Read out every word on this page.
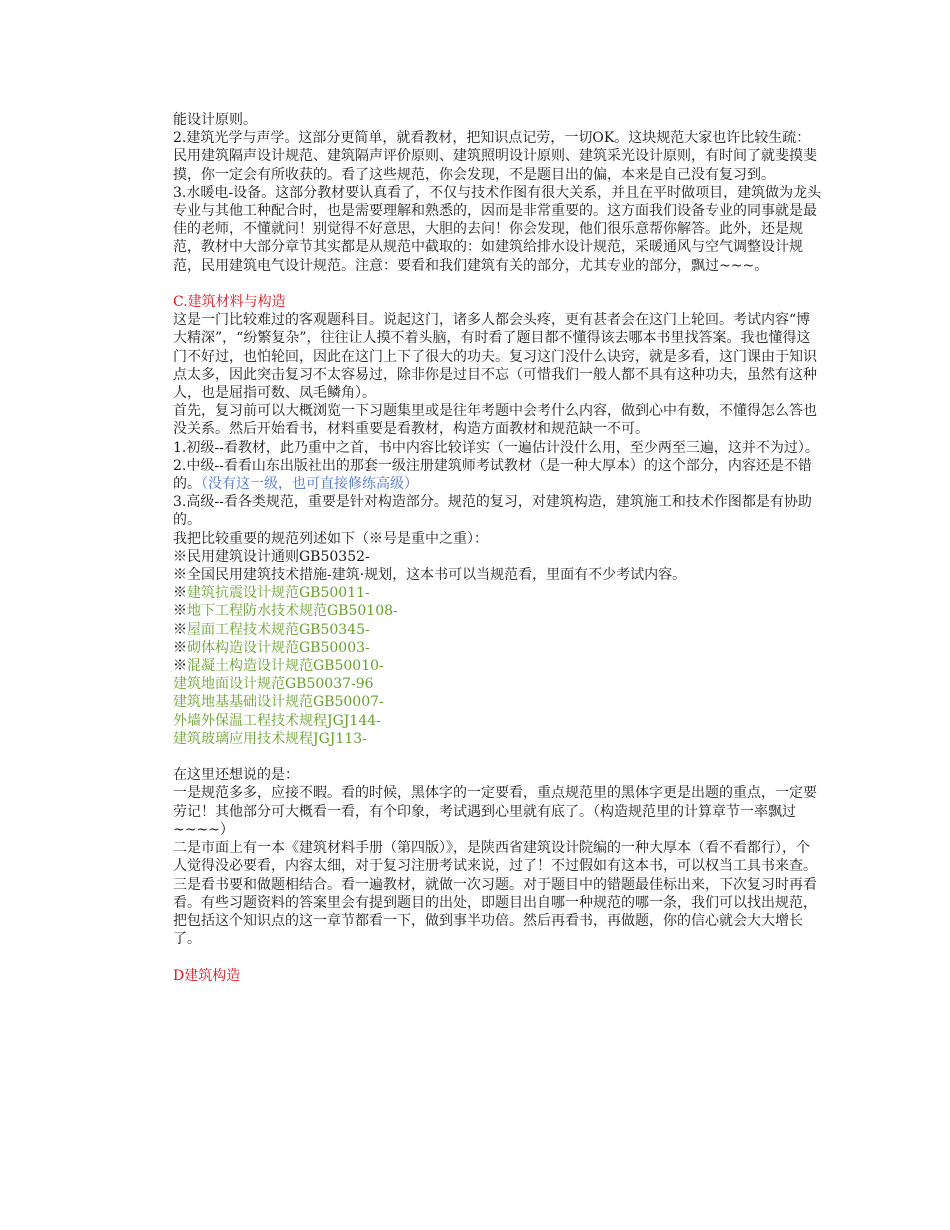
能设计原则。

2.建筑光学与声学。这部分更简单，就看教材，把知识点记劳，一切OK。这块规范大家也许比较生疏：民用建筑隔声设计规范、建筑隔声评价原则、建筑照明设计原则、建筑采光设计原则，有时间了就斐摸斐摸，你一定会有所收获的。看了这些规范，你会发现，不是题目出的偏，本来是自己没有复习到。

3.水暖电-设备。这部分教材要认真看了，不仅与技术作图有很大关系，并且在平时做项目，建筑做为龙头专业与其他工种配合时，也是需要理解和熟悉的，因而是非常重要的。这方面我们设备专业的同事就是最佳的老师，不懂就问！别觉得不好意思，大胆的去问！你会发现，他们很乐意帮你解答。此外，还是规范，教材中大部分章节其实都是从规范中截取的：如建筑给排水设计规范，采暖通风与空气调整设计规范，民用建筑电气设计规范。注意：要看和我们建筑有关的部分，尤其专业的部分，飘过~~~。

C.建筑材料与构造

这是一门比较难过的客观题科目。说起这门，诸多人都会头疼，更有甚者会在这门上轮回。考试内容“博大精深”，“纷繁复杂”，往往让人摸不着头脑，有时看了题目都不懂得该去哪本书里找答案。我也懂得这门不好过，也怕轮回，因此在这门上下了很大的功夫。复习这门没什么诀窍，就是多看，这门课由于知识点太多，因此突击复习不太容易过，除非你是过目不忘（可惜我们一般人都不具有这种功夫，虽然有这种人，也是屈指可数、凤毛鳞角）。

首先，复习前可以大概浏览一下习题集里或是往年考题中会考什么内容，做到心中有数，不懂得怎么答也没关系。然后开始看书，材料重要是看教材，构造方面教材和规范缺一不可。

1.初级--看教材，此乃重中之首，书中内容比较详实（一遍估计没什么用，至少两至三遍，这并不为过）。

2.中级--看看山东出版社出的那套一级注册建筑师考试教材（是一种大厚本）的这个部分，内容还是不错的。（没有这一级，也可直接修练高级）

3.高级--看各类规范，重要是针对构造部分。规范的复习，对建筑构造，建筑施工和技术作图都是有协助的。

我把比较重要的规范列述如下（※号是重中之重）：

※民用建筑设计通则GB50352-

※全国民用建筑技术措施-建筑·规划，这本书可以当规范看，里面有不少考试内容。

※建筑抗震设计规范GB50011-

※地下工程防水技术规范GB50108-

※屋面工程技术规范GB50345-

※砌体构造设计规范GB50003-

※混凝土构造设计规范GB50010-

建筑地面设计规范GB50037-96

建筑地基基础设计规范GB50007-

外墙外保温工程技术规程JGJ144-

建筑玻璃应用技术规程JGJ113-

在这里还想说的是：

一是规范多多，应接不暇。看的时候，黑体字的一定要看，重点规范里的黑体字更是出题的重点，一定要劳记！其他部分可大概看一看，有个印象，考试遇到心里就有底了。（构造规范里的计算章节一率飘过~~~~）

二是市面上有一本《建筑材料手册（第四版）》，是陕西省建筑设计院编的一种大厚本（看不看都行），个人觉得没必要看，内容太细，对于复习注册考试来说，过了！不过假如有这本书，可以权当工具书来查。

三是看书要和做题相结合。看一遍教材，就做一次习题。对于题目中的错题最佳标出来，下次复习时再看看。有些习题资料的答案里会有提到题目的出处，即题目出自哪一种规范的哪一条，我们可以找出规范，把包括这个知识点的这一章节都看一下，做到事半功倍。然后再看书，再做题，你的信心就会大大增长了。

D建筑构造
